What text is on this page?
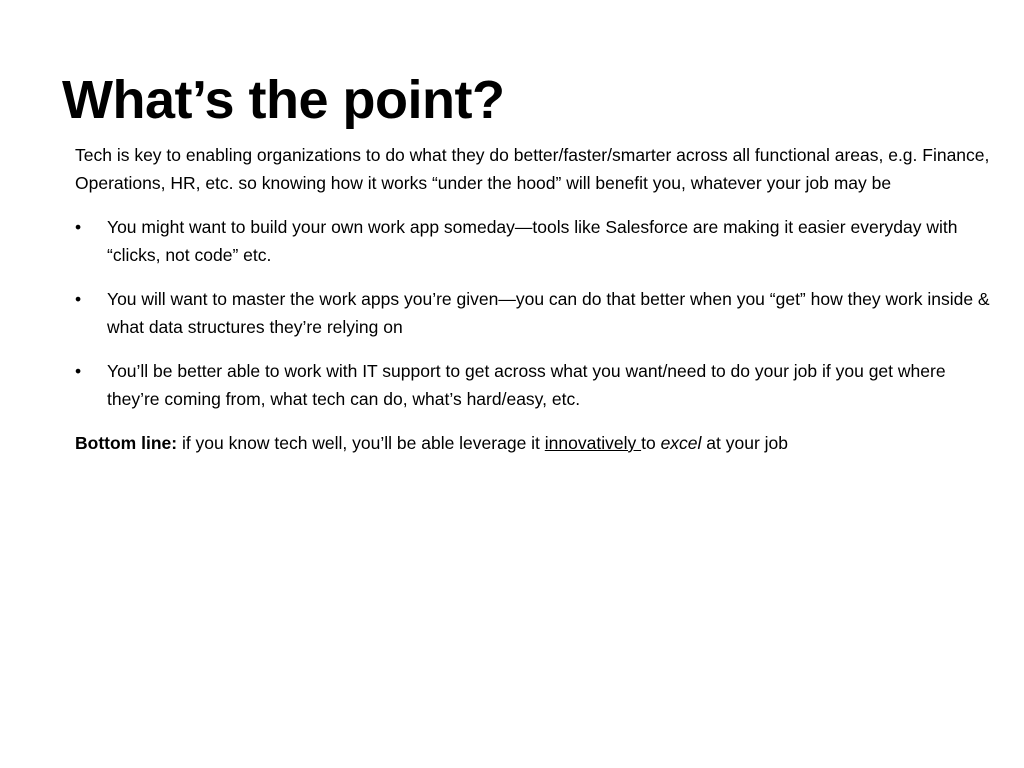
What’s the point?

Tech is key to enabling organizations to do what they do better/faster/smarter across all functional areas, e.g. Finance, Operations, HR, etc. so knowing how it works “under the hood” will benefit you, whatever your job may be

•	You might want to build your own work app someday—tools like Salesforce are making it easier everyday with “clicks, not code” etc.
•	You will want to master the work apps you’re given—you can do that better when you “get” how they work inside & what data structures they’re relying on
•	You’ll be better able to work with IT support to get across what you want/need to do your job if you get where they’re coming from, what tech can do, what’s hard/easy, etc.

Bottom line: if you know tech well, you’ll be able leverage it innovatively to excel at your job
